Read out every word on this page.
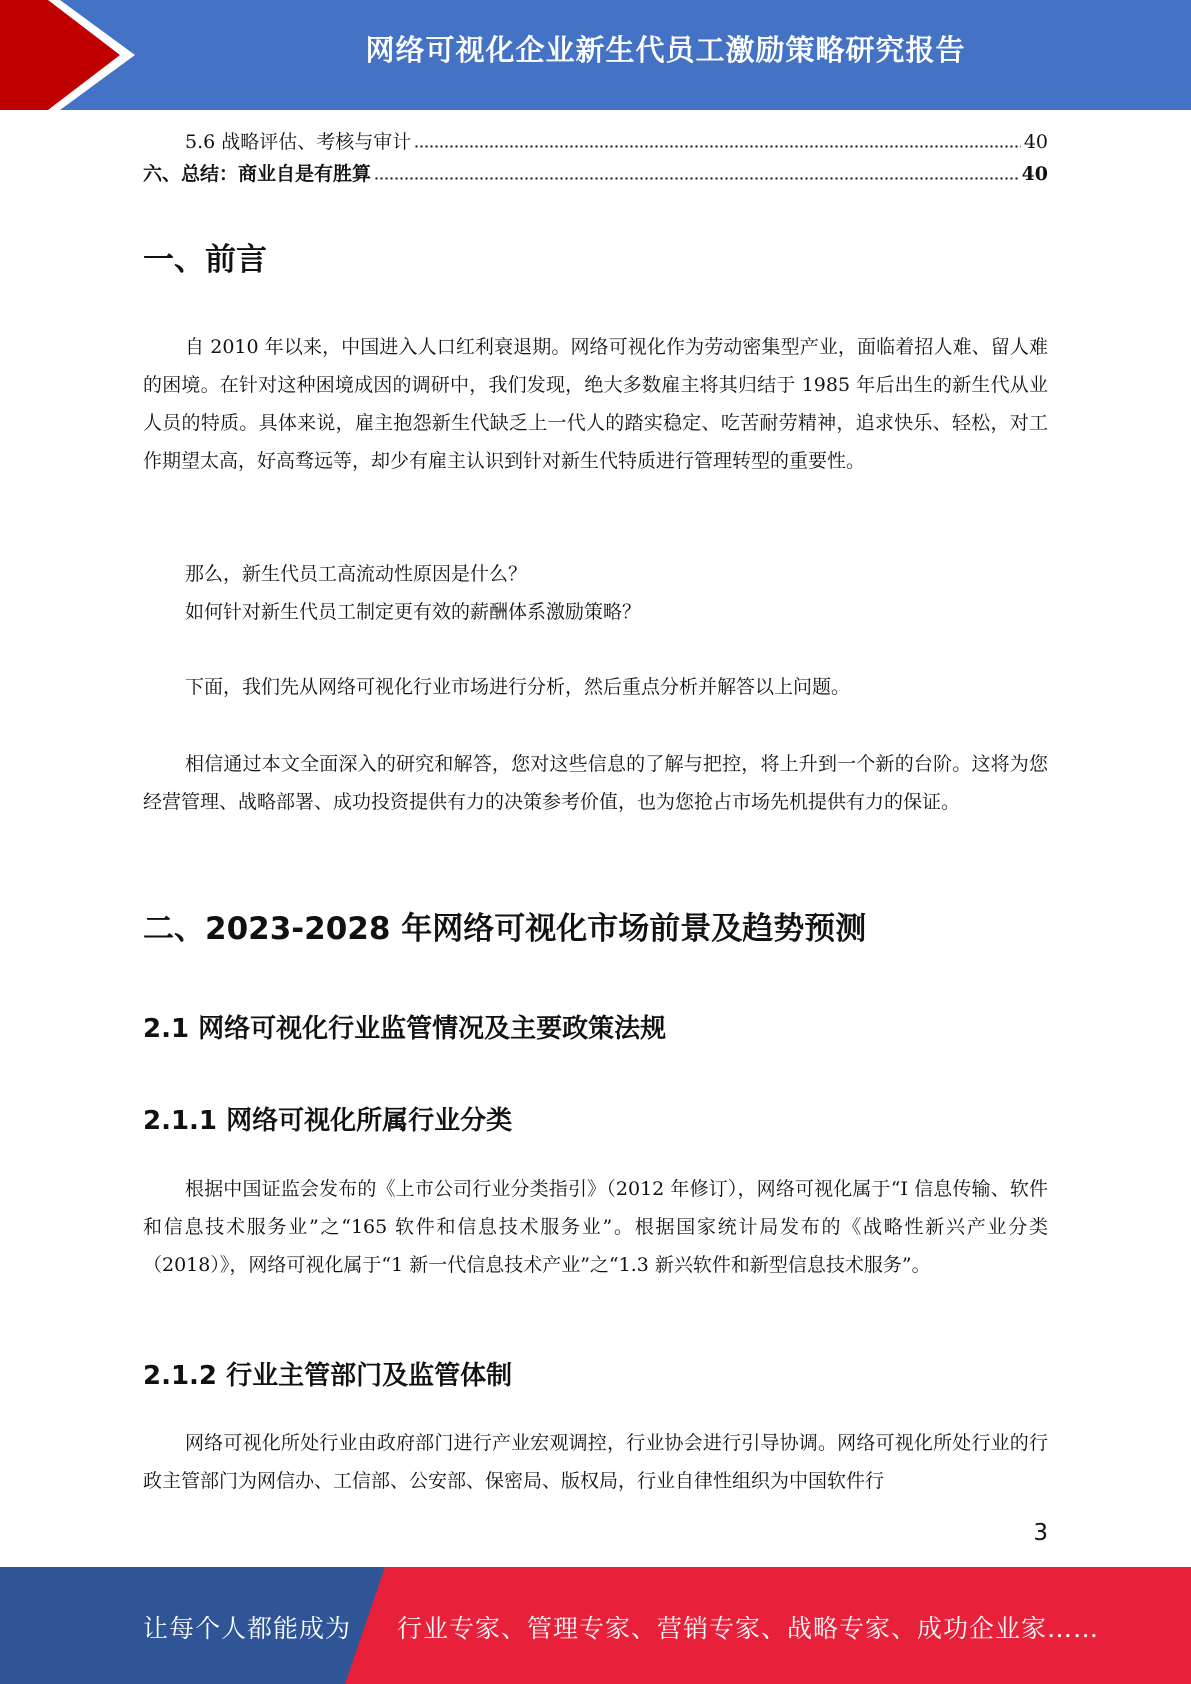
网络可视化企业新生代员工激励策略研究报告
5.6 战略评估、考核与审计	40
六、总结：商业自是有胜算	40
一、前言

自 2010 年以来，中国进入人口红利衰退期。网络可视化作为劳动密集型产业，面临着招人难、留人难的困境。在针对这种困境成因的调研中，我们发现，绝大多数雇主将其归结于 1985 年后出生的新生代从业人员的特质。具体来说，雇主抱怨新生代缺乏上一代人的踏实稳定、吃苦耐劳精神，追求快乐、轻松，对工作期望太高，好高骛远等，却少有雇主认识到针对新生代特质进行管理转型的重要性。

那么，新生代员工高流动性原因是什么？

如何针对新生代员工制定更有效的薪酬体系激励策略？

下面，我们先从网络可视化行业市场进行分析，然后重点分析并解答以上问题。

相信通过本文全面深入的研究和解答，您对这些信息的了解与把控，将上升到一个新的台阶。这将为您经营管理、战略部署、成功投资提供有力的决策参考价值，也为您抢占市场先机提供有力的保证。

二、2023-2028 年网络可视化市场前景及趋势预测
2.1 网络可视化行业监管情况及主要政策法规
2.1.1 网络可视化所属行业分类

根据中国证监会发布的《上市公司行业分类指引》（2012 年修订），网络可视化属于“I 信息传输、软件和信息技术服务业”之“165 软件和信息技术服务业”。根据国家统计局发布的《战略性新兴产业分类（2018）》，网络可视化属于“1 新一代信息技术产业”之“1.3 新兴软件和新型信息技术服务”。

2.1.2 行业主管部门及监管体制

网络可视化所处行业由政府部门进行产业宏观调控，行业协会进行引导协调。网络可视化所处行业的行政主管部门为网信办、工信部、公安部、保密局、版权局，行业自律性组织为中国软件行

3
让每个人都能成为 行业专家、管理专家、营销专家、战略专家、成功企业家……
